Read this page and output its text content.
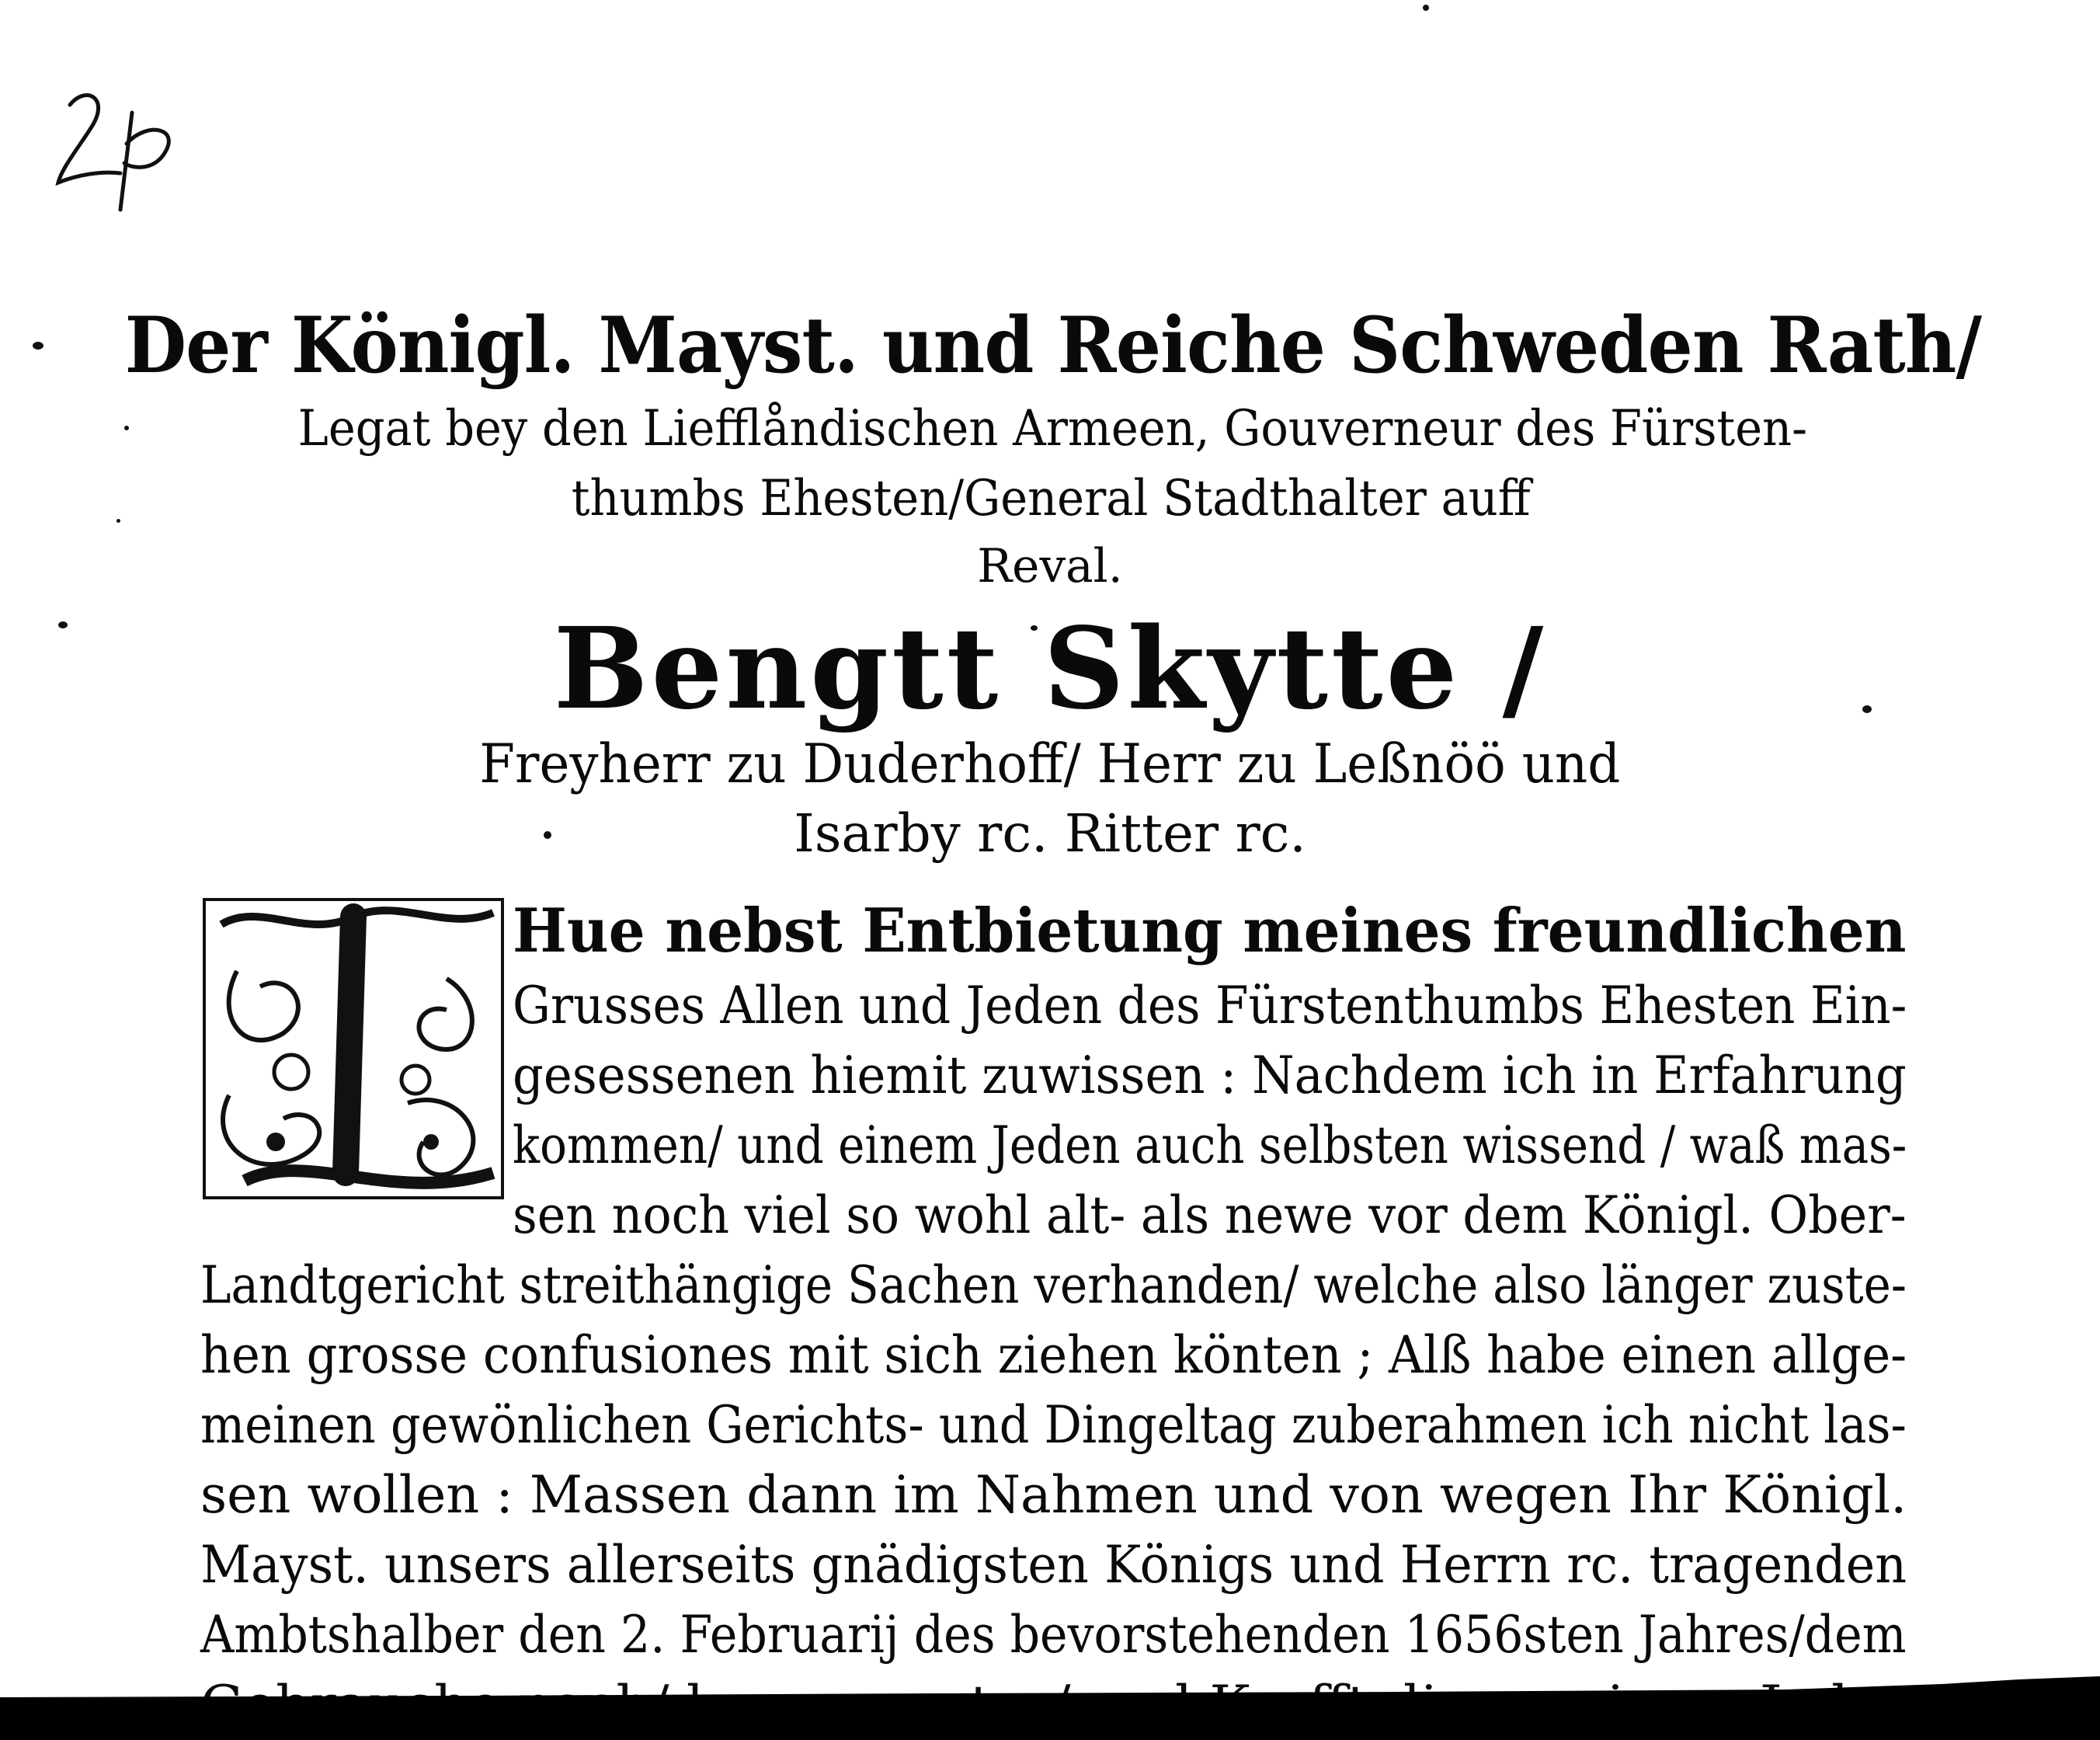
Der Königl. Mayst. und Reiche Schweden Rath/
Legat bey den Liefflåndischen Armeen, Gouverneur des Fürsten-
thumbs Ehesten/General Stadthalter auff
Reval.
Bengtt Skytte /
Freyherr zu Duderhoff/ Herr zu Leßnöö und
Isarby rc. Ritter rc.
Hue nebst Entbietung meines freundlichen
Grusses Allen und Jeden des Fürstenthumbs Ehesten Ein-
gesessenen hiemit zuwissen : Nachdem ich in Erfahrung
kommen/ und einem Jeden auch selbsten wissend / waß mas-
sen noch viel so wohl alt- als newe vor dem Königl. Ober-
Landtgericht streithängige Sachen verhanden/ welche also länger zuste-
hen grosse confusiones mit sich ziehen könten ; Alß habe einen allge-
meinen gewönlichen Gerichts- und Dingeltag zuberahmen ich nicht las-
sen wollen : Massen dann im Nahmen und von wegen Ihr Königl.
Mayst. unsers allerseits gnädigsten Königs und Herrn rc. tragenden
Ambtshalber den 2. Februarij des bevorstehenden 1656sten Jahres/dem
